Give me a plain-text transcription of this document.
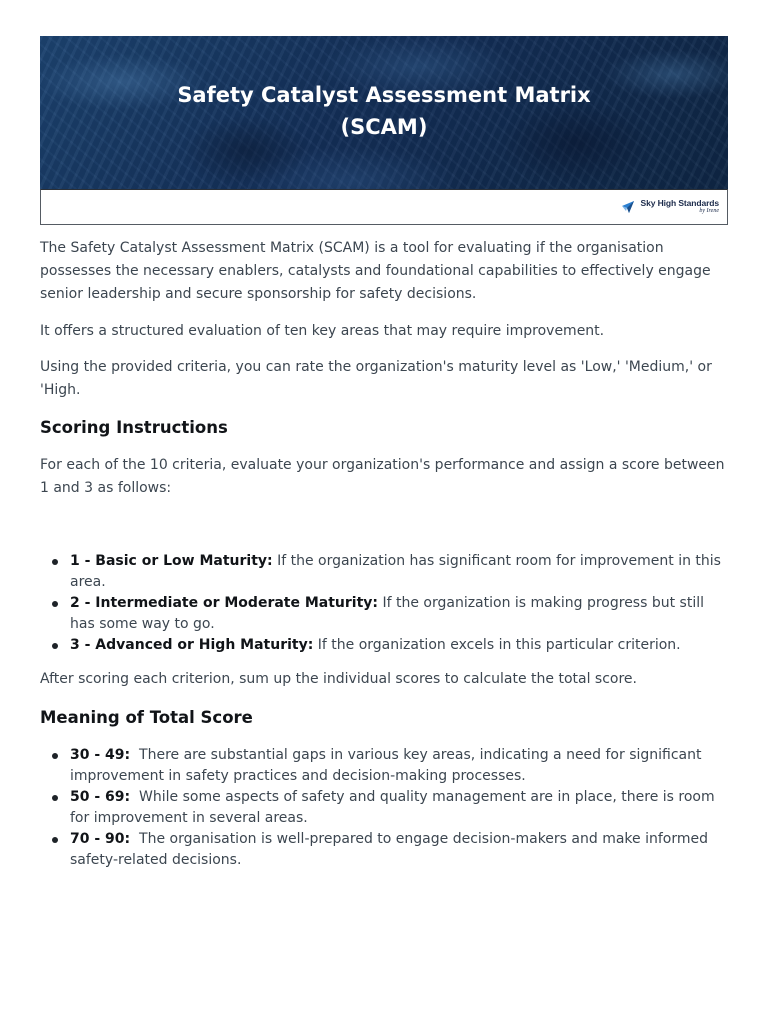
Safety Catalyst Assessment Matrix
(SCAM)
Sky High Standards
by Irene

The Safety Catalyst Assessment Matrix (SCAM) is a tool for evaluating if the organisation possesses the necessary enablers, catalysts and foundational capabilities to effectively engage senior leadership and secure sponsorship for safety decisions.

It offers a structured evaluation of ten key areas that may require improvement.

Using the provided criteria, you can rate the organization's maturity level as 'Low,' 'Medium,' or 'High.

Scoring Instructions

For each of the 10 criteria, evaluate your organization's performance and assign a score between 1 and 3 as follows:

1 - Basic or Low Maturity: If the organization has significant room for improvement in this area.
2 - Intermediate or Moderate Maturity: If the organization is making progress but still has some way to go.
3 - Advanced or High Maturity: If the organization excels in this particular criterion.

After scoring each criterion, sum up the individual scores to calculate the total score.

Meaning of Total Score
30 - 49: There are substantial gaps in various key areas, indicating a need for significant improvement in safety practices and decision-making processes.
50 - 69: While some aspects of safety and quality management are in place, there is room for improvement in several areas.
70 - 90: The organisation is well-prepared to engage decision-makers and make informed safety-related decisions.
